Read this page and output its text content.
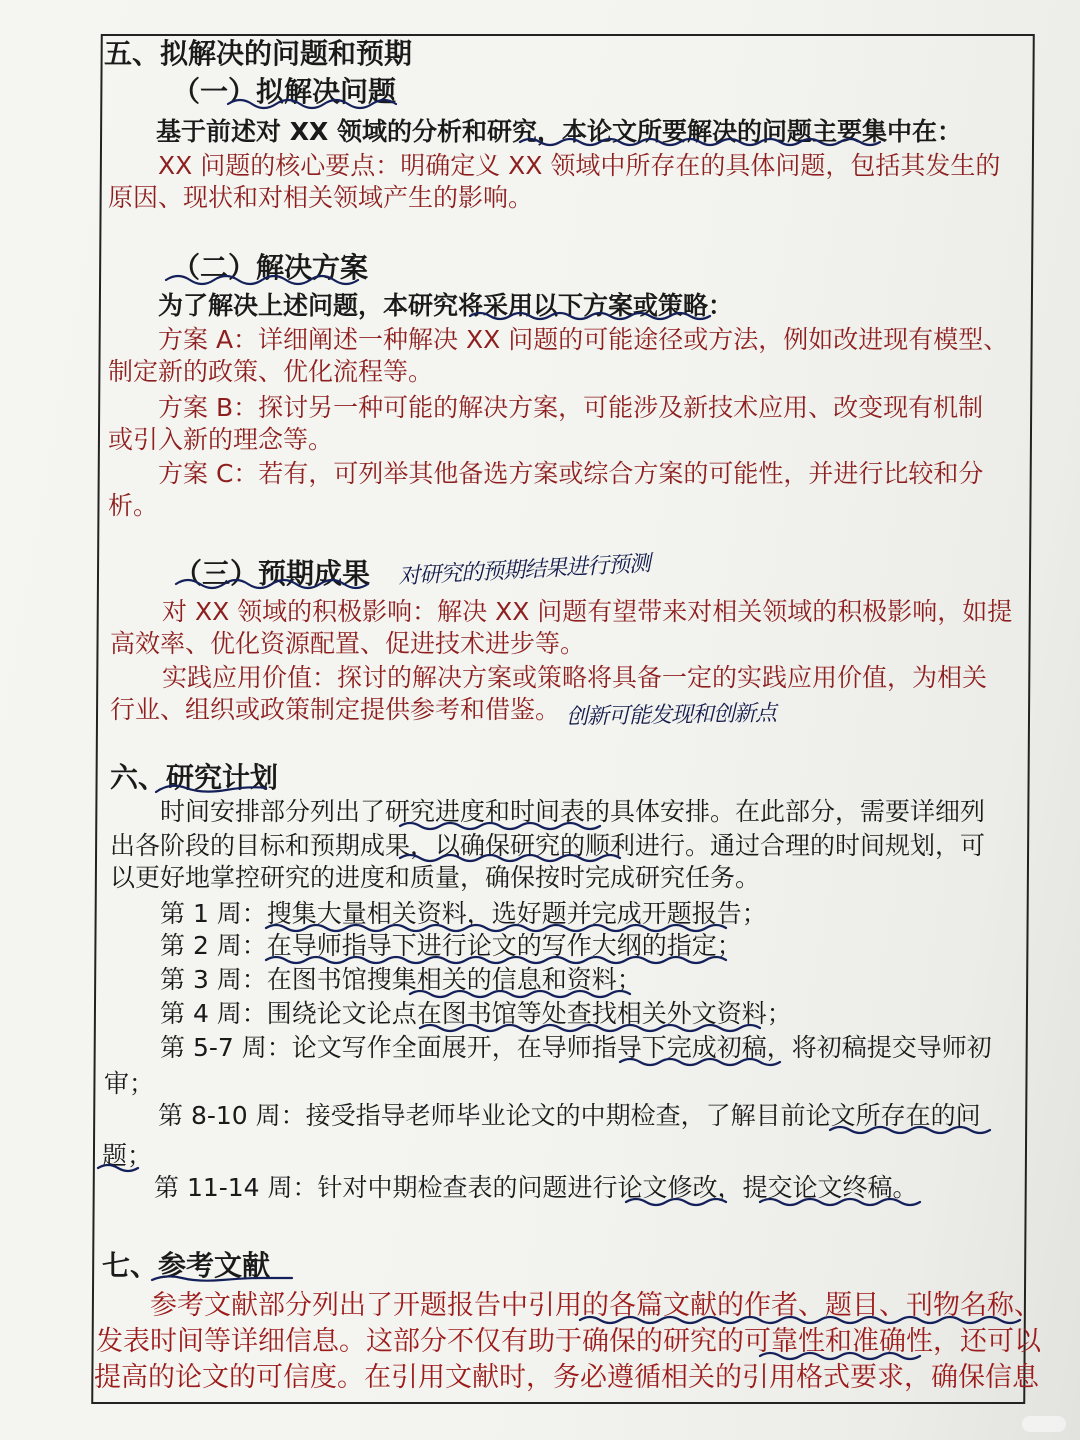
五、拟解决的问题和预期
（一）拟解决问题
基于前述对 XX 领域的分析和研究，本论文所要解决的问题主要集中在：
XX 问题的核心要点：明确定义 XX 领域中所存在的具体问题，包括其发生的
原因、现状和对相关领域产生的影响。
（二）解决方案
为了解决上述问题，本研究将采用以下方案或策略：
方案 A：详细阐述一种解决 XX 问题的可能途径或方法，例如改进现有模型、
制定新的政策、优化流程等。
方案 B：探讨另一种可能的解决方案，可能涉及新技术应用、改变现有机制
或引入新的理念等。
方案 C：若有，可列举其他备选方案或综合方案的可能性，并进行比较和分
析。
（三）预期成果 对研究的预期结果进行预测
对 XX 领域的积极影响：解决 XX 问题有望带来对相关领域的积极影响，如提
高效率、优化资源配置、促进技术进步等。
实践应用价值：探讨的解决方案或策略将具备一定的实践应用价值，为相关
行业、组织或政策制定提供参考和借鉴。 创新可能发现和创新点
六、研究计划
时间安排部分列出了研究进度和时间表的具体安排。在此部分，需要详细列
出各阶段的目标和预期成果，以确保研究的顺利进行。通过合理的时间规划，可
以更好地掌控研究的进度和质量，确保按时完成研究任务。
第 1 周：搜集大量相关资料，选好题并完成开题报告；
第 2 周：在导师指导下进行论文的写作大纲的指定；
第 3 周：在图书馆搜集相关的信息和资料；
第 4 周：围绕论文论点在图书馆等处查找相关外文资料；
第 5-7 周：论文写作全面展开，在导师指导下完成初稿，将初稿提交导师初
审；
第 8-10 周：接受指导老师毕业论文的中期检查，了解目前论文所存在的问
题；
第 11-14 周：针对中期检查表的问题进行论文修改，提交论文终稿。
七、参考文献
参考文献部分列出了开题报告中引用的各篇文献的作者、题目、刊物名称、
发表时间等详细信息。这部分不仅有助于确保的研究的可靠性和准确性，还可以
提高的论文的可信度。在引用文献时，务必遵循相关的引用格式要求，确保信息
